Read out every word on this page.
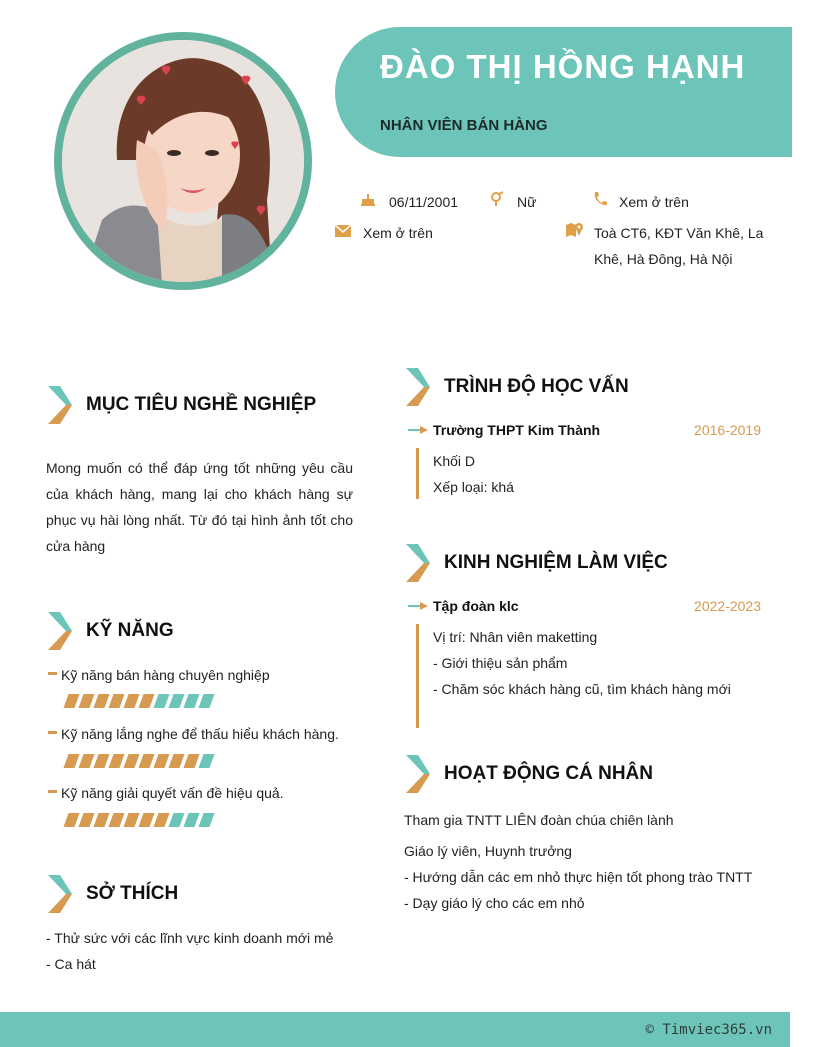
ĐÀO THỊ HỒNG HẠNH
NHÂN VIÊN BÁN HÀNG
06/11/2001	Nữ	Xem ở trên
Xem ở trên	Toà CT6, KĐT Văn Khê, La
Khê, Hà Đông, Hà Nội
MỤC TIÊU NGHỀ NGHIỆP
Mong muốn có thể đáp ứng tốt những yêu cầu của khách hàng, mang lại cho khách hàng sự phục vụ hài lòng nhất. Từ đó tại hình ảnh tốt cho cửa hàng
KỸ NĂNG
Kỹ năng bán hàng chuyên nghiệp
Kỹ năng lắng nghe để thấu hiểu khách hàng.
Kỹ năng giải quyết vấn đề hiệu quả.
SỞ THÍCH
- Thử sức với các lĩnh vực kinh doanh mới mẻ
- Ca hát
TRÌNH ĐỘ HỌC VẤN
Trường THPT Kim Thành	2016-2019
Khối D
Xếp loại: khá
KINH NGHIỆM LÀM VIỆC
Tập đoàn klc	2022-2023
Vị trí: Nhân viên maketting
- Giới thiệu sản phẩm
- Chăm sóc khách hàng cũ, tìm khách hàng mới
HOẠT ĐỘNG CÁ NHÂN
Tham gia TNTT LIÊN đoàn chúa chiên lành
Giáo lý viên, Huynh trưởng
- Hướng dẫn các em nhỏ thực hiện tốt phong trào TNTT
- Dạy giáo lý cho các em nhỏ
© Timviec365.vn
